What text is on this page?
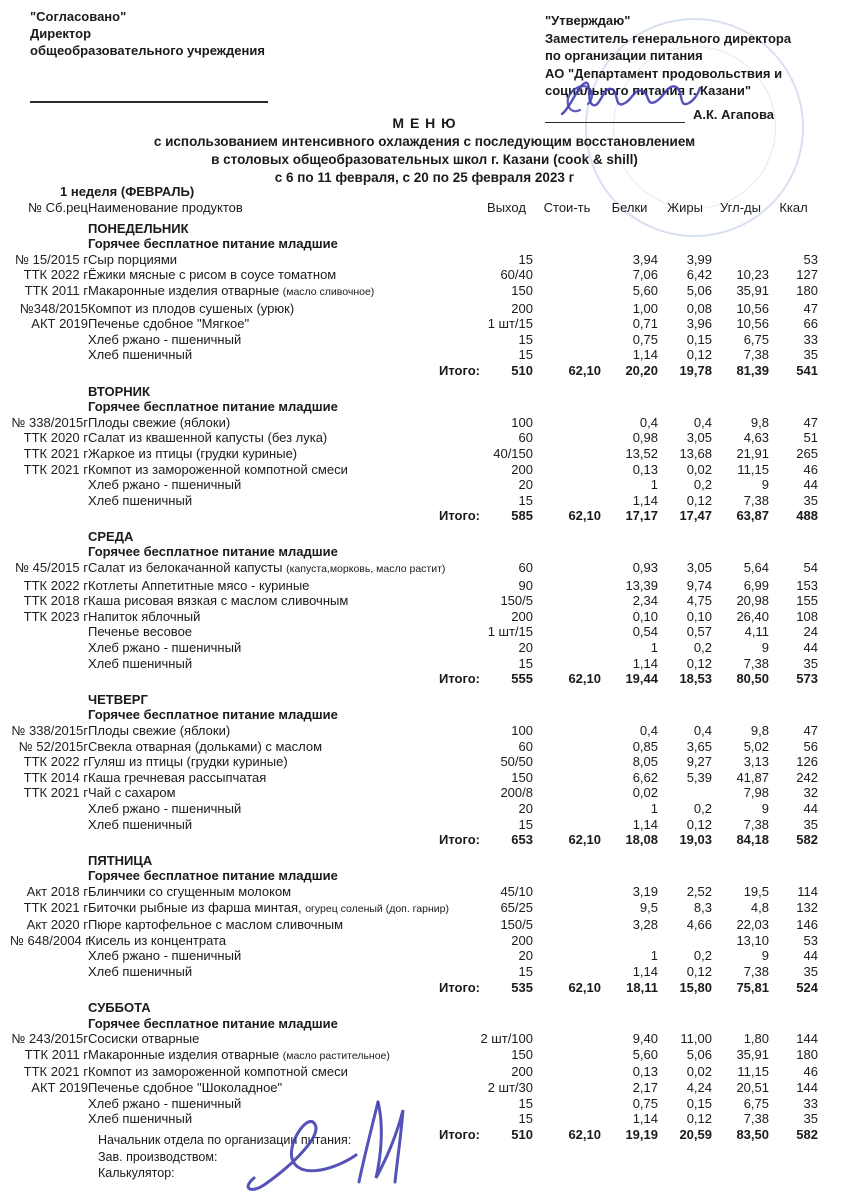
"Согласовано"
Директор
общеобразовательного учреждения
"Утверждаю"
Заместитель генерального директора
по организации питания
АО "Департамент продовольствия и
социального питания г. Казани"
А.К. Агапова
М Е Н Ю
с использованием интенсивного охлаждения с последующим восстановлением
в столовых общеобразовательных школ г. Казани (cook & shill)
с 6 по 11 февраля, с 20 по 25 февраля 2023 г
1 неделя (ФЕВРАЛЬ)
№ Сб.рец	Наименование продуктов	Выход	Стои-ть	Белки	Жиры	Угл-ды	Ккал
	ПОНЕДЕЛЬНИК						
	Горячее бесплатное питание младшие						
№ 15/2015 г	Сыр порциями	15		3,94	3,99		53
ТТК 2022 г	Ёжики мясные с рисом в соусе томатном	60/40		7,06	6,42	10,23	127
ТТК 2011 г	Макаронные изделия отварные (масло сливочное)	150		5,60	5,06	35,91	180
№348/2015	Компот из плодов сушеных (урюк)	200		1,00	0,08	10,56	47
АКТ 2019	Печенье сдобное "Мягкое"	1 шт/15		0,71	3,96	10,56	66
	Хлеб ржано - пшеничный	15		0,75	0,15	6,75	33
	Хлеб пшеничный	15		1,14	0,12	7,38	35
	Итого:	510	62,10	20,20	19,78	81,39	541
	ВТОРНИК						
	Горячее бесплатное питание младшие						
№ 338/2015г	Плоды свежие (яблоки)	100		0,4	0,4	9,8	47
ТТК 2020 г	Салат из квашенной капусты (без лука)	60		0,98	3,05	4,63	51
ТТК 2021 г	Жаркое из птицы (грудки куриные)	40/150		13,52	13,68	21,91	265
ТТК 2021 г	Компот из замороженной компотной смеси	200		0,13	0,02	11,15	46
	Хлеб ржано - пшеничный	20		1	0,2	9	44
	Хлеб пшеничный	15		1,14	0,12	7,38	35
	Итого:	585	62,10	17,17	17,47	63,87	488
	СРЕДА						
	Горячее бесплатное питание младшие						
№ 45/2015 г	Салат из белокачанной капусты (капуста,морковь, масло растит)	60		0,93	3,05	5,64	54
ТТК 2022 г	Котлеты Аппетитные мясо - куриные	90		13,39	9,74	6,99	153
ТТК 2018 г	Каша рисовая вязкая с маслом сливочным	150/5		2,34	4,75	20,98	155
ТТК 2023 г	Напиток яблочный	200		0,10	0,10	26,40	108
	Печенье весовое	1 шт/15		0,54	0,57	4,11	24
	Хлеб ржано - пшеничный	20		1	0,2	9	44
	Хлеб пшеничный	15		1,14	0,12	7,38	35
	Итого:	555	62,10	19,44	18,53	80,50	573
	ЧЕТВЕРГ						
	Горячее бесплатное питание младшие						
№ 338/2015г	Плоды свежие (яблоки)	100		0,4	0,4	9,8	47
№ 52/2015г	Свекла отварная (дольками) с маслом	60		0,85	3,65	5,02	56
ТТК 2022 г	Гуляш из птицы (грудки куриные)	50/50		8,05	9,27	3,13	126
ТТК 2014 г	Каша гречневая рассыпчатая	150		6,62	5,39	41,87	242
ТТК 2021 г	Чай с сахаром	200/8		0,02		7,98	32
	Хлеб ржано - пшеничный	20		1	0,2	9	44
	Хлеб пшеничный	15		1,14	0,12	7,38	35
	Итого:	653	62,10	18,08	19,03	84,18	582
	ПЯТНИЦА						
	Горячее бесплатное питание младшие						
Акт 2018 г	Блинчики со сгущенным молоком	45/10		3,19	2,52	19,5	114
ТТК 2021 г	Биточки рыбные из фарша минтая, огурец соленый (доп. гарнир)	65/25		9,5	8,3	4,8	132
Акт 2020 г	Пюре картофельное с маслом сливочным	150/5		3,28	4,66	22,03	146
№ 648/2004 г	Кисель из концентрата	200				13,10	53
	Хлеб ржано - пшеничный	20		1	0,2	9	44
	Хлеб пшеничный	15		1,14	0,12	7,38	35
	Итого:	535	62,10	18,11	15,80	75,81	524
	СУББОТА						
	Горячее бесплатное питание младшие						
№ 243/2015г	Сосиски отварные	2 шт/100		9,40	11,00	1,80	144
ТТК 2011 г	Макаронные изделия отварные (масло растительное)	150		5,60	5,06	35,91	180
ТТК 2021 г	Компот из замороженной компотной смеси	200		0,13	0,02	11,15	46
АКТ 2019	Печенье сдобное "Шоколадное"	2 шт/30		2,17	4,24	20,51	144
	Хлеб ржано - пшеничный	15		0,75	0,15	6,75	33
	Хлеб пшеничный	15		1,14	0,12	7,38	35
	Итого:	510	62,10	19,19	20,59	83,50	582
Начальник отдела по организации питания:
Зав. производством:
Калькулятор:
